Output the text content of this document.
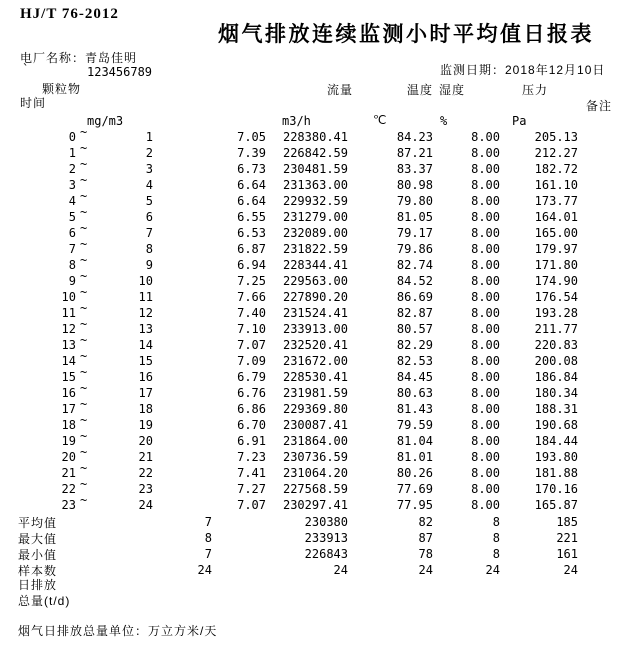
HJ/T 76-2012
烟气排放连续监测小时平均值日报表
电厂名称：青岛佳明
`	123456789	监测日期：2018年12月10日
颗粒物
时间
流量	温度 湿度	压力
备注
mg/m3	m3/h	℃	%	Pa
0 ~	1	7.05 228380.41	84.23	8.00	205.13
1 ~	2	7.39 226842.59	87.21	8.00	212.27
2 ~	3	6.73 230481.59	83.37	8.00	182.72
3 ~	4	6.64 231363.00	80.98	8.00	161.10
4 ~	5	6.64 229932.59	79.80	8.00	173.77
5 ~	6	6.55 231279.00	81.05	8.00	164.01
6 ~	7	6.53 232089.00	79.17	8.00	165.00
7 ~	8	6.87 231822.59	79.86	8.00	179.97
8 ~	9	6.94 228344.41	82.74	8.00	171.80
9 ~	10	7.25 229563.00	84.52	8.00	174.90
10 ~	11	7.66 227890.20	86.69	8.00	176.54
11 ~	12	7.40 231524.41	82.87	8.00	193.28
12 ~	13	7.10 233913.00	80.57	8.00	211.77
13 ~	14	7.07 232520.41	82.29	8.00	220.83
14 ~	15	7.09 231672.00	82.53	8.00	200.08
15 ~	16	6.79 228530.41	84.45	8.00	186.84
16 ~	17	6.76 231981.59	80.63	8.00	180.34
17 ~	18	6.86 229369.80	81.43	8.00	188.31
18 ~	19	6.70 230087.41	79.59	8.00	190.68
19 ~	20	6.91 231864.00	81.04	8.00	184.44
20 ~	21	7.23 230736.59	81.01	8.00	193.80
21 ~	22	7.41 231064.20	80.26	8.00	181.88
22 ~	23	7.27 227568.59	77.69	8.00	170.16
23 ~	24	7.07 230297.41	77.95	8.00	165.87
平均值	7	230380	82	8	185
最大值	8	233913	87	8	221
最小值	7	226843	78	8	161
样本数	24	24	24	24	24
日排放
总量(t/d)
烟气日排放总量单位：万立方米/天
